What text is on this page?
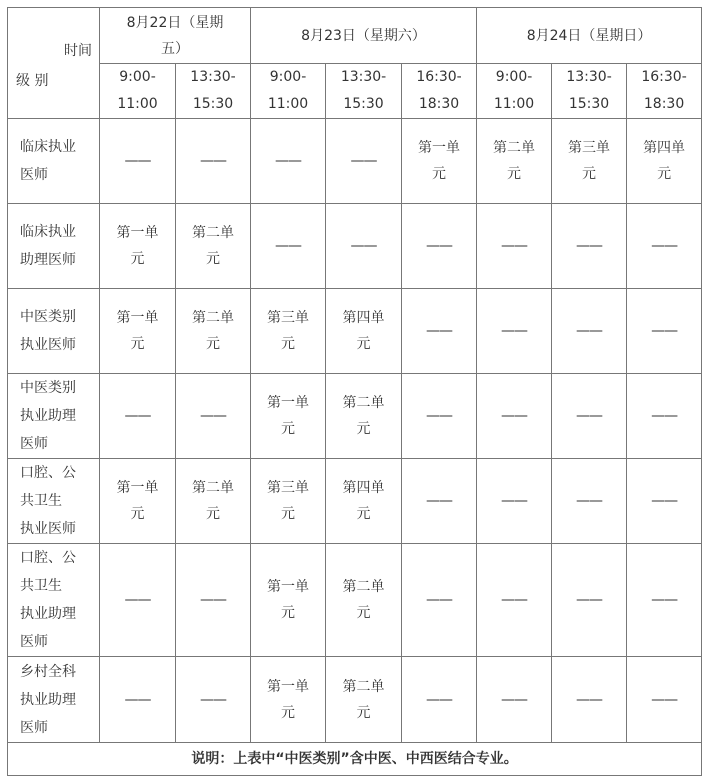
时间
级 别	8月22日（星期
五）		8月23日（星期六）			8月24日（星期日）		

	9:00-
11:00	13:30-
15:30	9:00-
11:00	13:30-
15:30	16:30-
18:30	9:00-
11:00	13:30-
15:30	16:30-
18:30

临床执业
医师	——	——	——	——	第一单元	第二单元	第三单元	第四单元

临床执业
助理医师	第一单元	第二单元	——	——	——	——	——	——

中医类别
执业医师	第一单元	第二单元	第三单元	第四单元	——	——	——	——

中医类别
执业助理
医师	——	——	第一单元	第二单元	——	——	——	——

口腔、公
共卫生
执业医师	第一单元	第二单元	第三单元	第四单元	——	——	——	——

口腔、公
共卫生
执业助理
医师	——	——	第一单元	第二单元	——	——	——	——

乡村全科
执业助理
医师	——	——	第一单元	第二单元	——	——	——	——
说明：上表中“中医类别”含中医、中西医结合专业。								
